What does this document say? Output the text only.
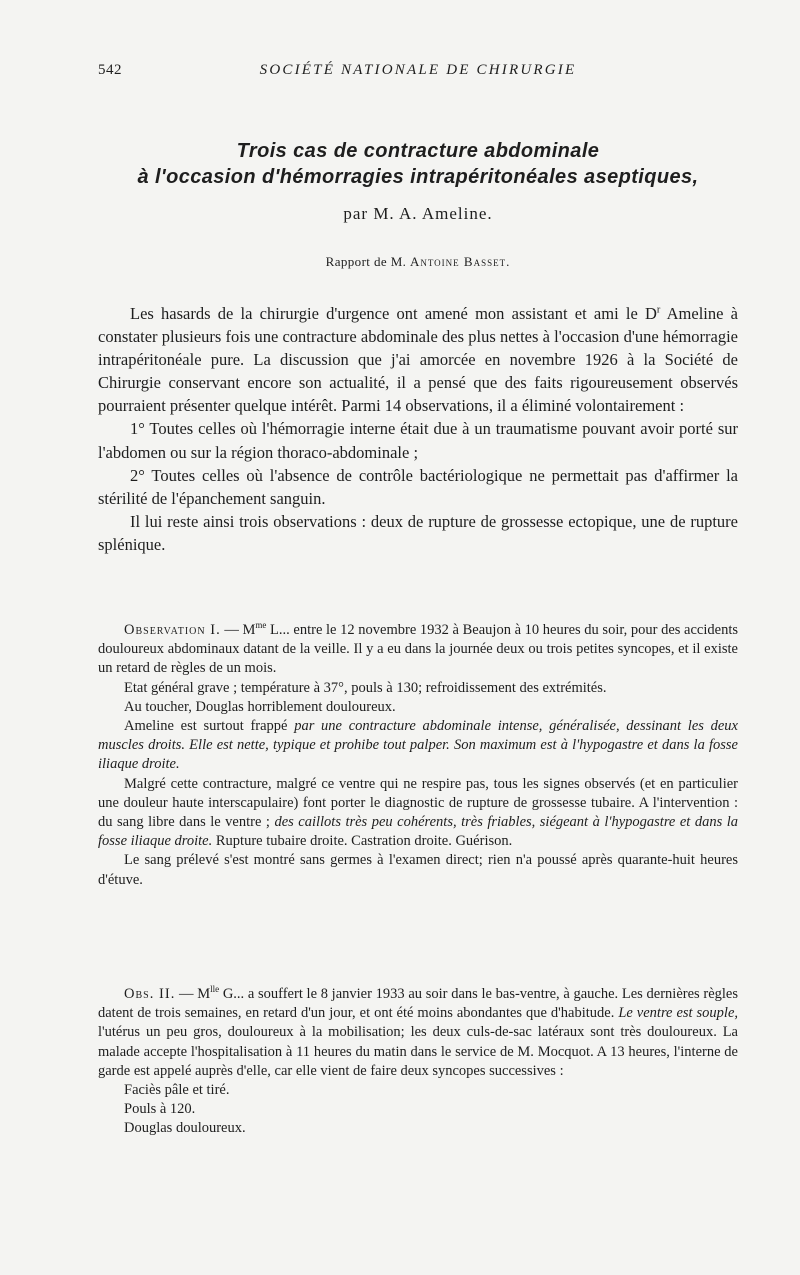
542	SOCIÉTÉ NATIONALE DE CHIRURGIE
Trois cas de contracture abdominale
à l'occasion d'hémorragies intrapéritonéales aseptiques,
par M. A. Ameline.
Rapport de M. Antoine Basset.

Les hasards de la chirurgie d'urgence ont amené mon assistant et ami le $D^r$ Ameline à constater plusieurs fois une contracture abdominale des plus nettes à l'occasion d'une hémorragie intrapéritonéale pure. La discussion que j'ai amorcée en novembre 1926 à la Société de Chirurgie conservant encore son actualité, il a pensé que des faits rigoureusement observés pourraient présenter quelque intérêt. Parmi 14 observations, il a éliminé volontairement :

1° Toutes celles où l'hémorragie interne était due à un traumatisme pouvant avoir porté sur l'abdomen ou sur la région thoraco-abdominale ;

2° Toutes celles où l'absence de contrôle bactériologique ne permettait pas d'affirmer la stérilité de l'épanchement sanguin.

Il lui reste ainsi trois observations : deux de rupture de grossesse ectopique, une de rupture splénique.

Observation I. — $M^{me}$ L... entre le 12 novembre 1932 à Beaujon à 10 heures du soir, pour des accidents douloureux abdominaux datant de la veille. Il y a eu dans la journée deux ou trois petites syncopes, et il existe un retard de règles de un mois.

Etat général grave ; température à 37°, pouls à 130; refroidissement des extrémités.

Au toucher, Douglas horriblement douloureux.

Ameline est surtout frappé par une contracture abdominale intense, généralisée, dessinant les deux muscles droits. Elle est nette, typique et prohibe tout palper. Son maximum est à l'hypogastre et dans la fosse iliaque droite.

Malgré cette contracture, malgré ce ventre qui ne respire pas, tous les signes observés (et en particulier une douleur haute interscapulaire) font porter le diagnostic de rupture de grossesse tubaire. A l'intervention : du sang libre dans le ventre ; des caillots très peu cohérents, très friables, siégeant à l'hypogastre et dans la fosse iliaque droite. Rupture tubaire droite. Castration droite. Guérison.

Le sang prélevé s'est montré sans germes à l'examen direct; rien n'a poussé après quarante-huit heures d'étuve.

Obs. II. — $M^{lle}$ G... a souffert le 8 janvier 1933 au soir dans le bas-ventre, à gauche. Les dernières règles datent de trois semaines, en retard d'un jour, et ont été moins abondantes que d'habitude. Le ventre est souple, l'utérus un peu gros, douloureux à la mobilisation; les deux culs-de-sac latéraux sont très douloureux. La malade accepte l'hospitalisation à 11 heures du matin dans le service de M. Mocquot. A 13 heures, l'interne de garde est appelé auprès d'elle, car elle vient de faire deux syncopes successives :

Faciès pâle et tiré.

Pouls à 120.

Douglas douloureux.
